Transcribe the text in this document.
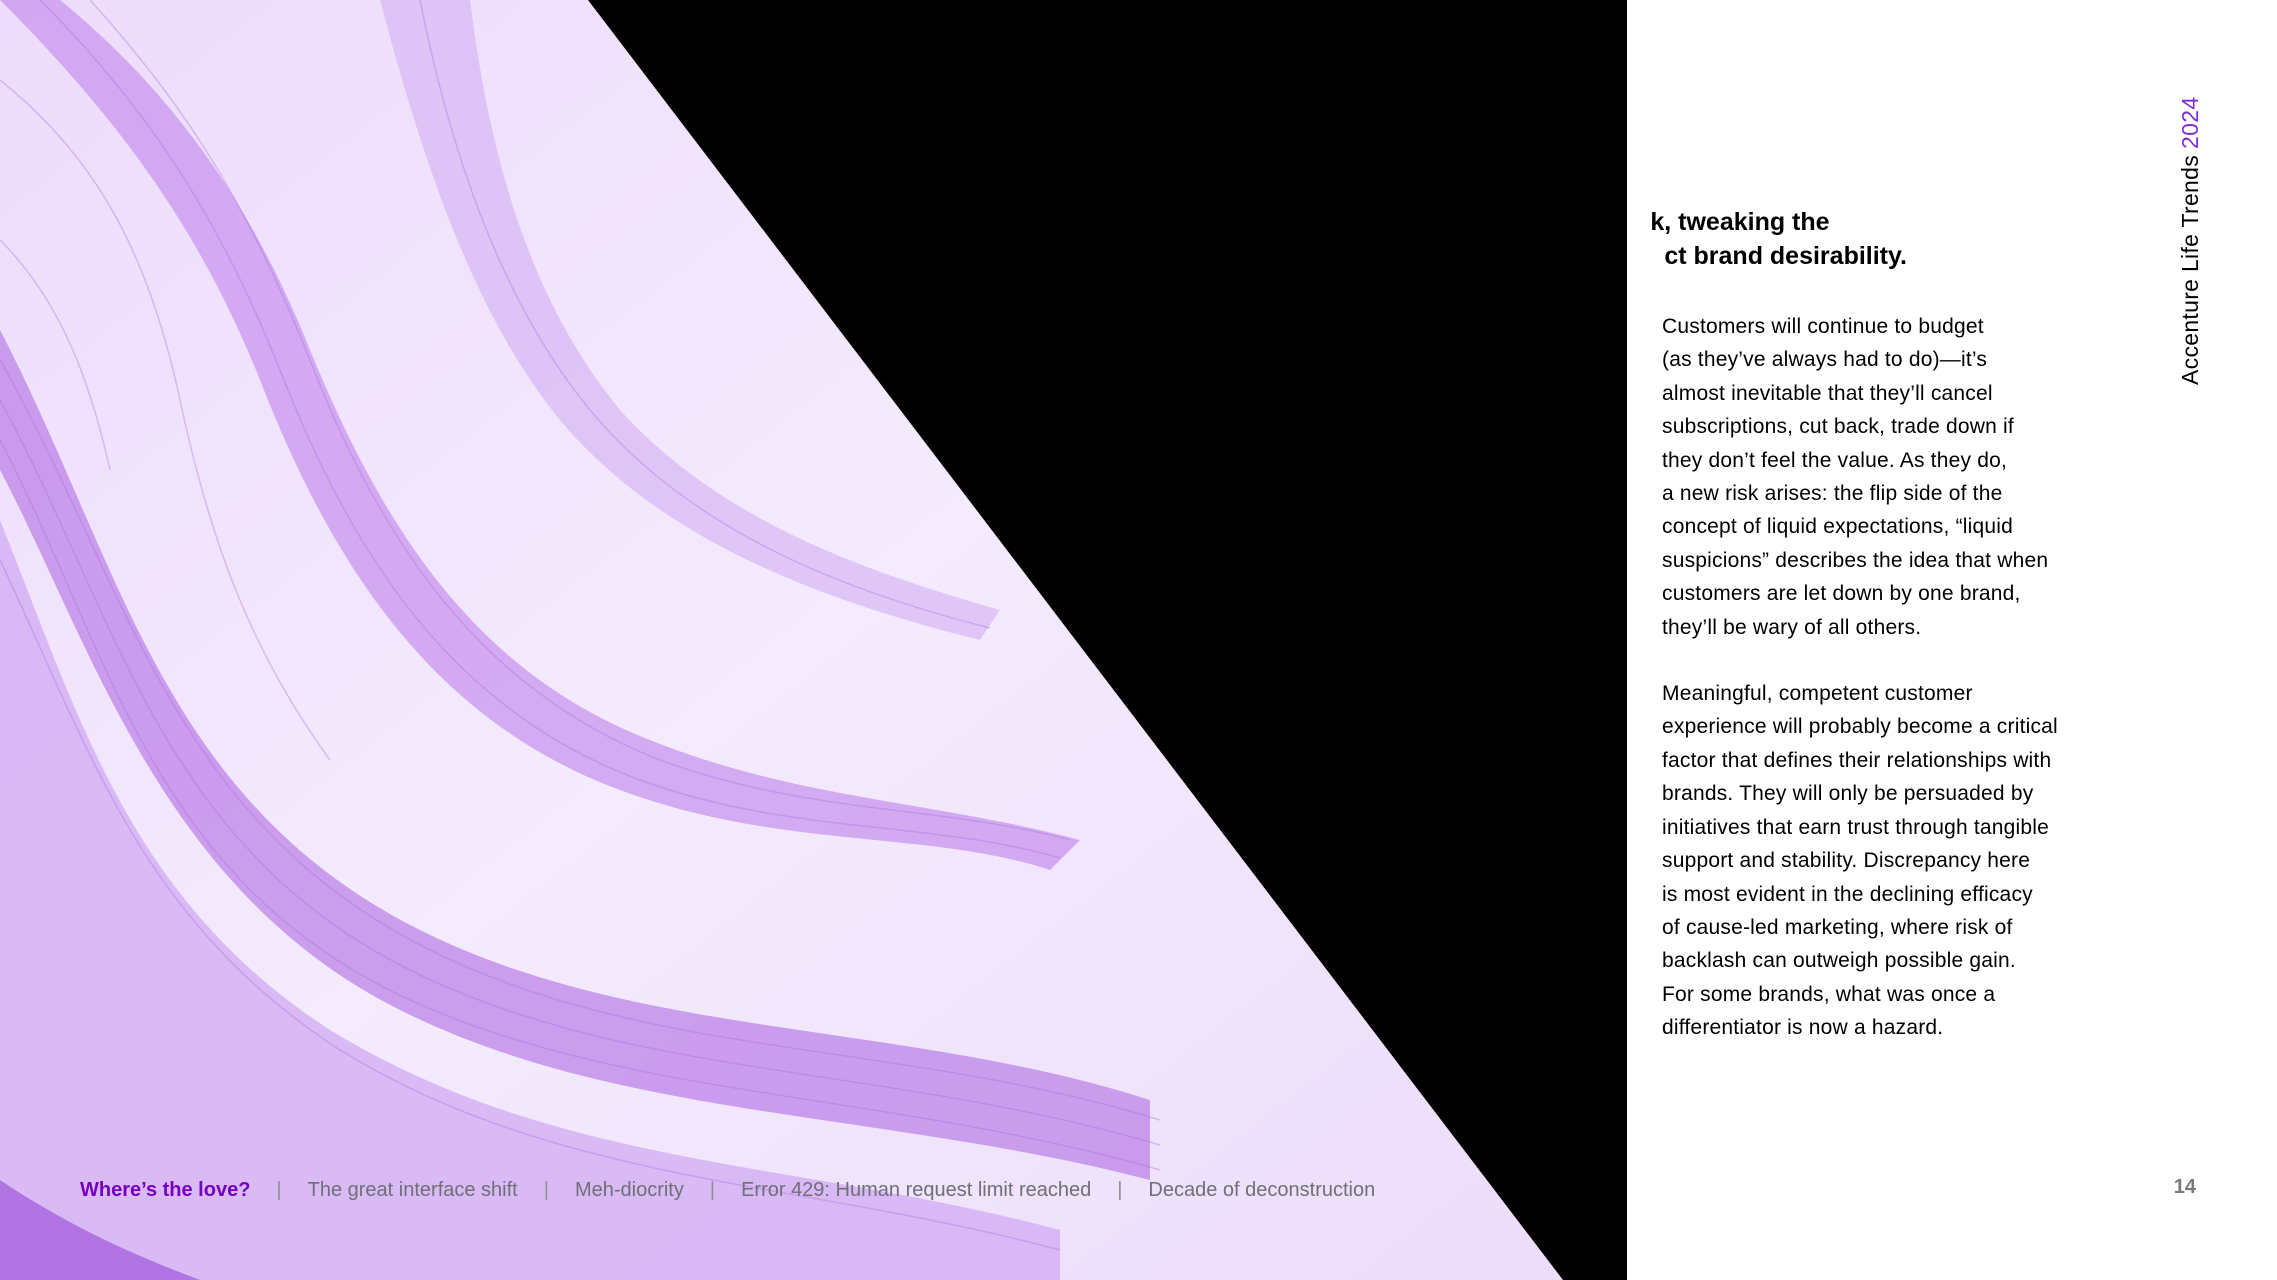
k, tweaking the
ct brand desirability.

Customers will continue to budget
(as they’ve always had to do)—it’s
almost inevitable that they’ll cancel
subscriptions, cut back, trade down if
they don’t feel the value. As they do,
a new risk arises: the flip side of the
concept of liquid expectations, “liquid
suspicions” describes the idea that when
customers are let down by one brand,
they’ll be wary of all others.

Meaningful, competent customer
experience will probably become a critical
factor that defines their relationships with
brands. They will only be persuaded by
initiatives that earn trust through tangible
support and stability. Discrepancy here
is most evident in the declining efficacy
of cause-led marketing, where risk of
backlash can outweigh possible gain.
For some brands, what was once a
differentiator is now a hazard.

Accenture Life Trends2024
Where’s the love? | The great interface shift | Meh-diocrity | Error 429: Human request limit reached | Decade of deconstruction	14
